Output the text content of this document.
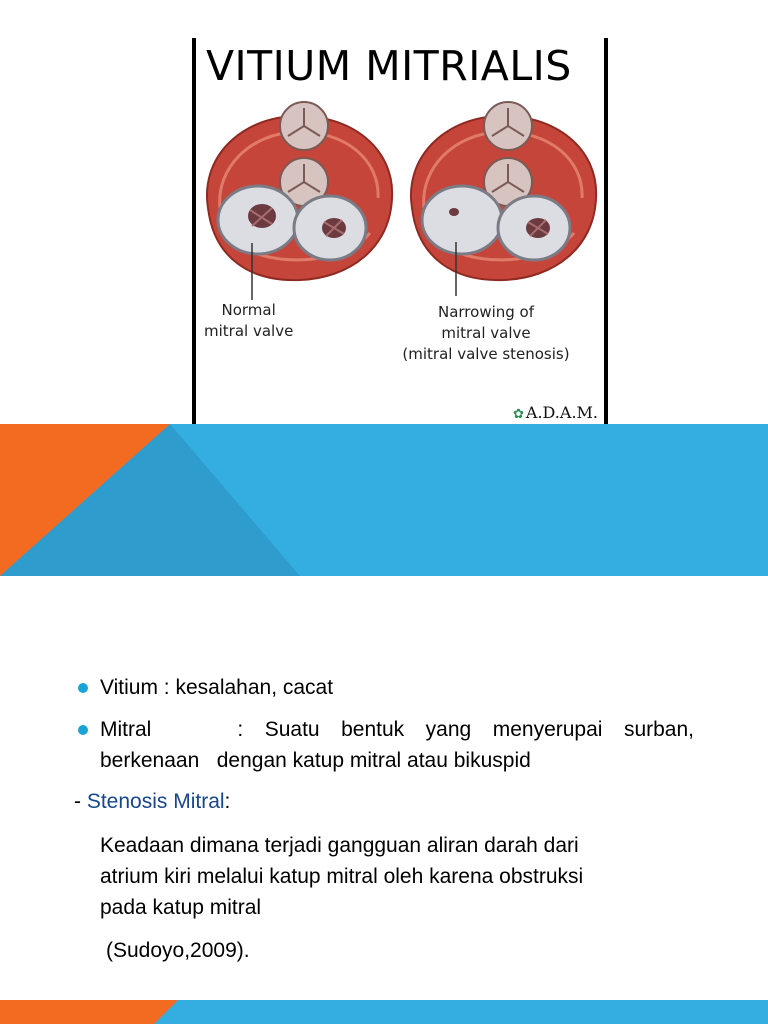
VITIUM MITRIALIS
Normal
mitral valve
Narrowing of
mitral valve
(mitral valve stenosis)
✿ A.D.A.M.
Vitium : kesalahan, cacat
Mitral    : Suatu bentuk yang menyerupai surban,
berkenaan   dengan katup mitral atau bikuspid
- Stenosis Mitral:
Keadaan dimana terjadi gangguan aliran darah dari
atrium kiri melalui katup mitral oleh karena obstruksi
pada katup mitral
(Sudoyo,2009).
